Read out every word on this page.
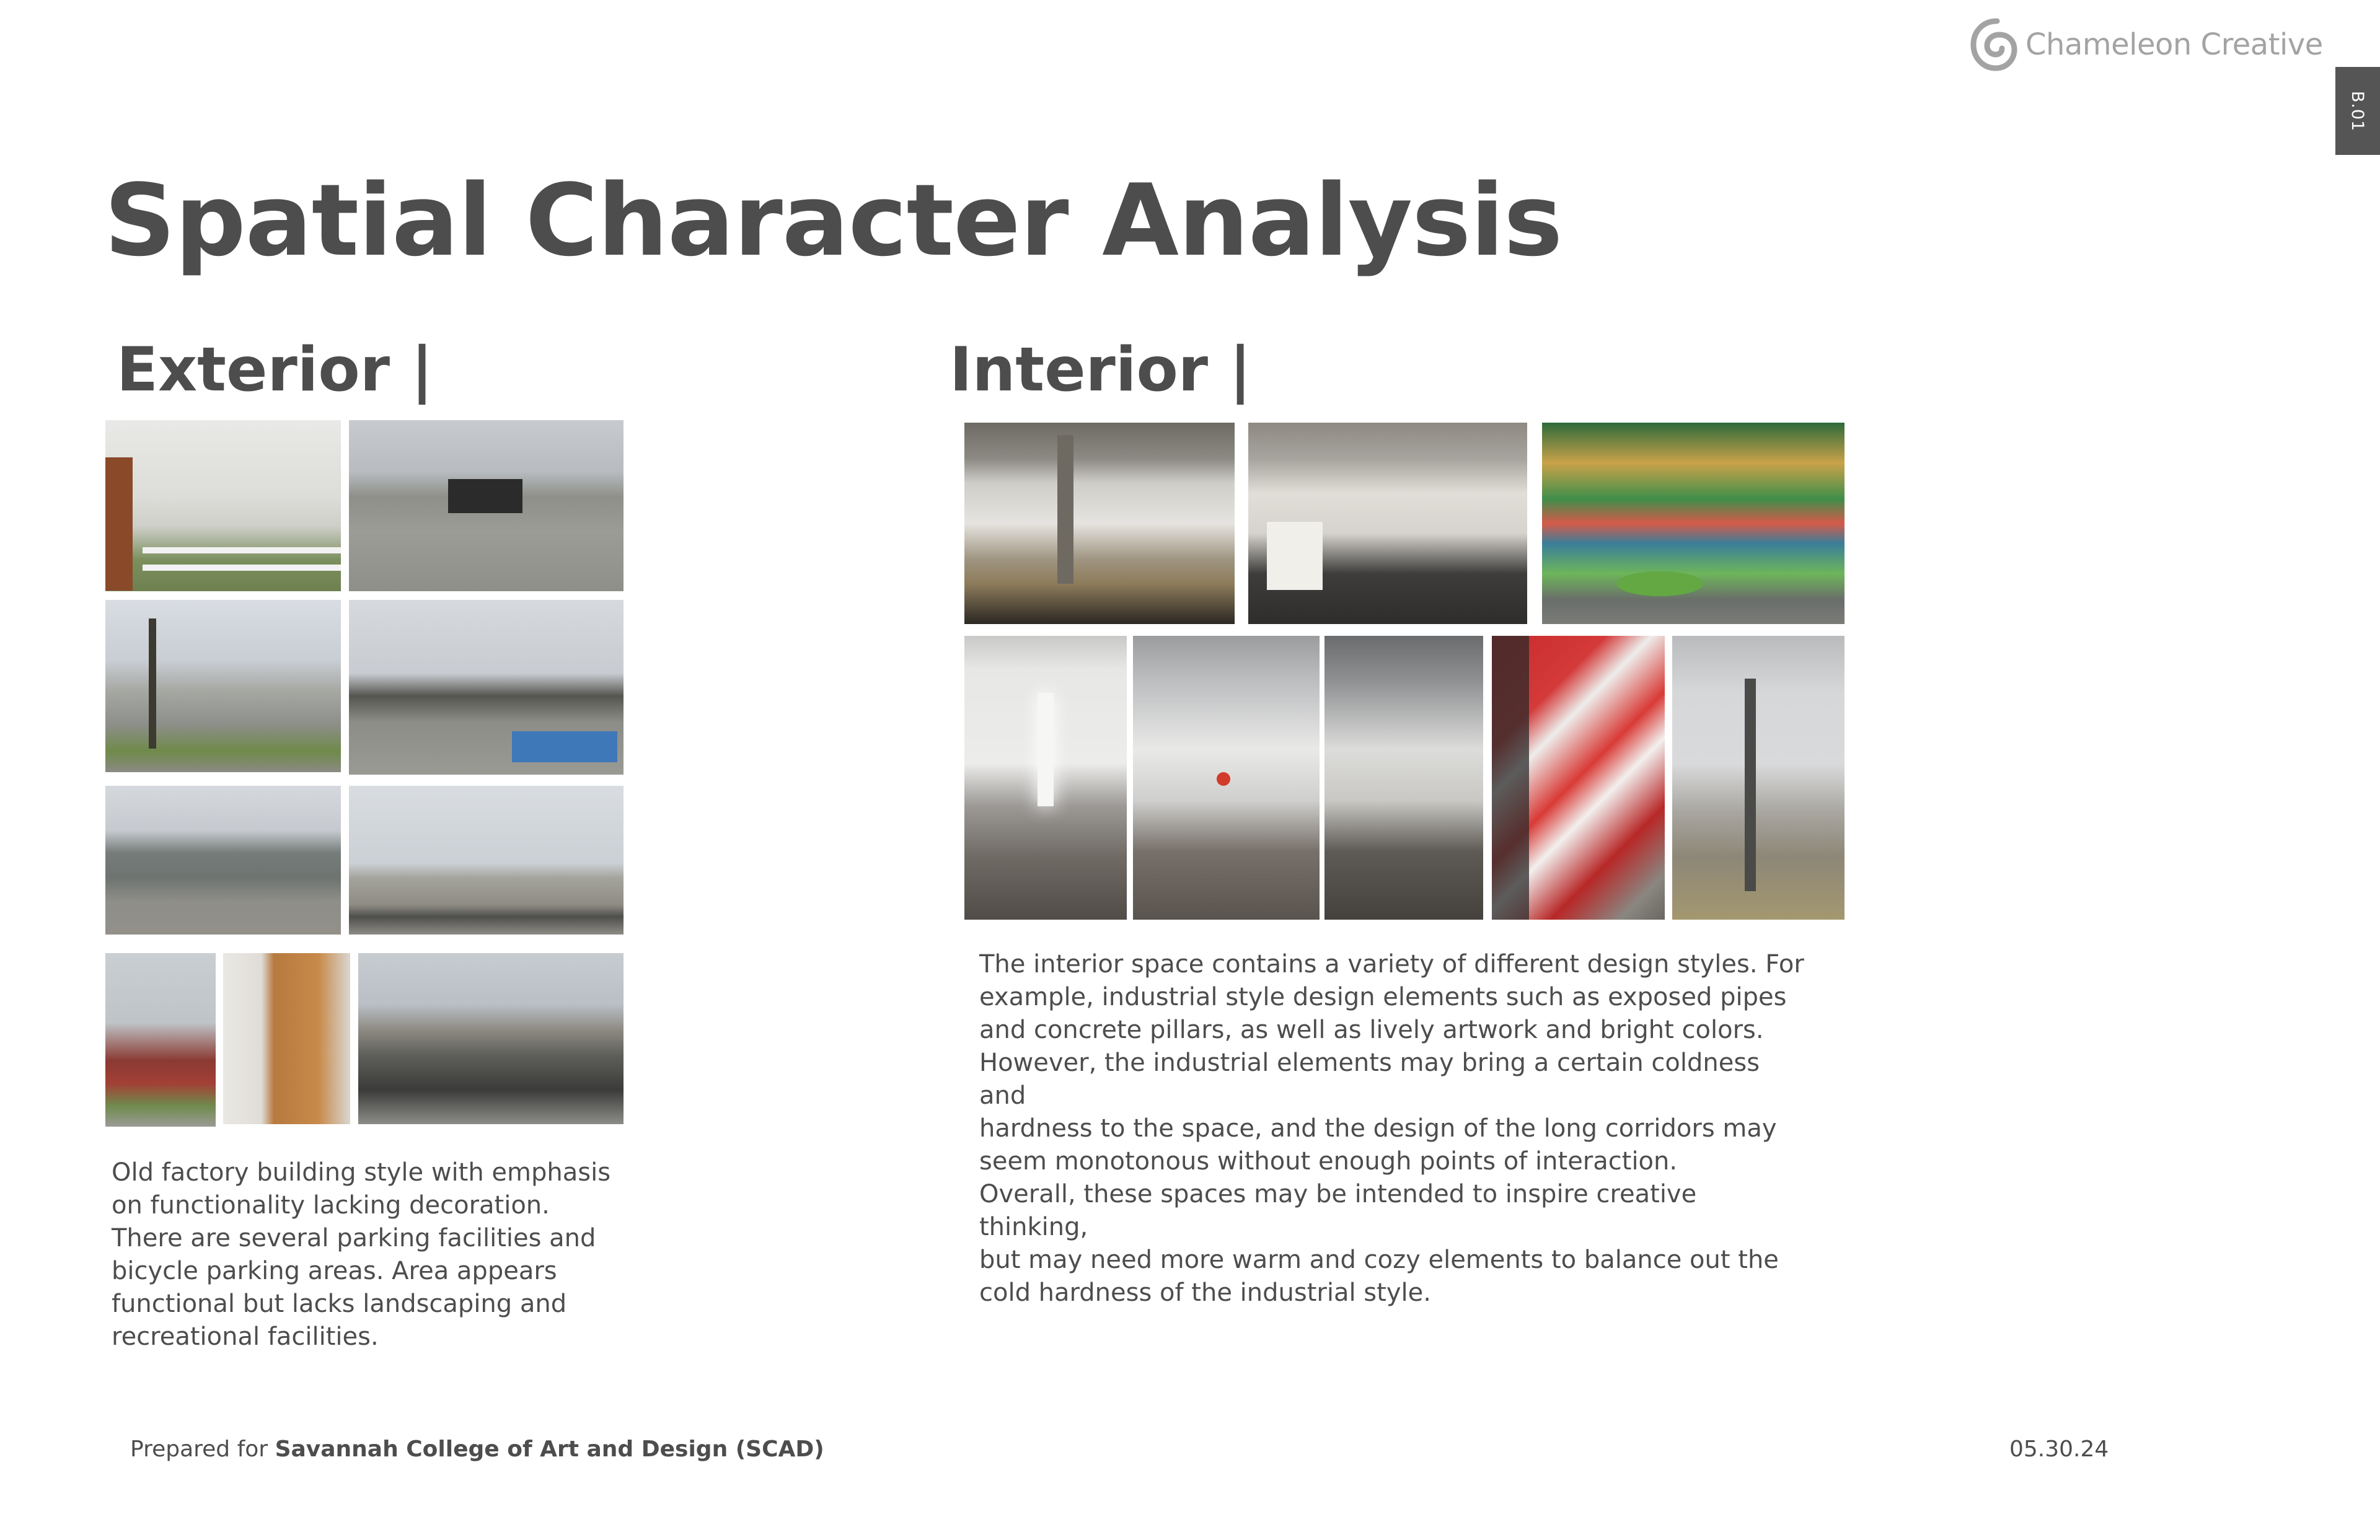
Chameleon Creative
B.01
Spatial Character Analysis
Exterior |

Old factory building style with emphasis

on functionality lacking decoration.

There are several parking facilities and

bicycle parking areas. Area appears

functional but lacks landscaping and

recreational facilities.

Interior |

The interior space contains a variety of different design styles. For

example, industrial style design elements such as exposed pipes

and concrete pillars, as well as lively artwork and bright colors.

However, the industrial elements may bring a certain coldness and

hardness to the space, and the design of the long corridors may

seem monotonous without enough points of interaction.

Overall, these spaces may be intended to inspire creative thinking,

but may need more warm and cozy elements to balance out the

cold hardness of the industrial style.

Prepared for Savannah College of Art and Design (SCAD)	05.30.24
